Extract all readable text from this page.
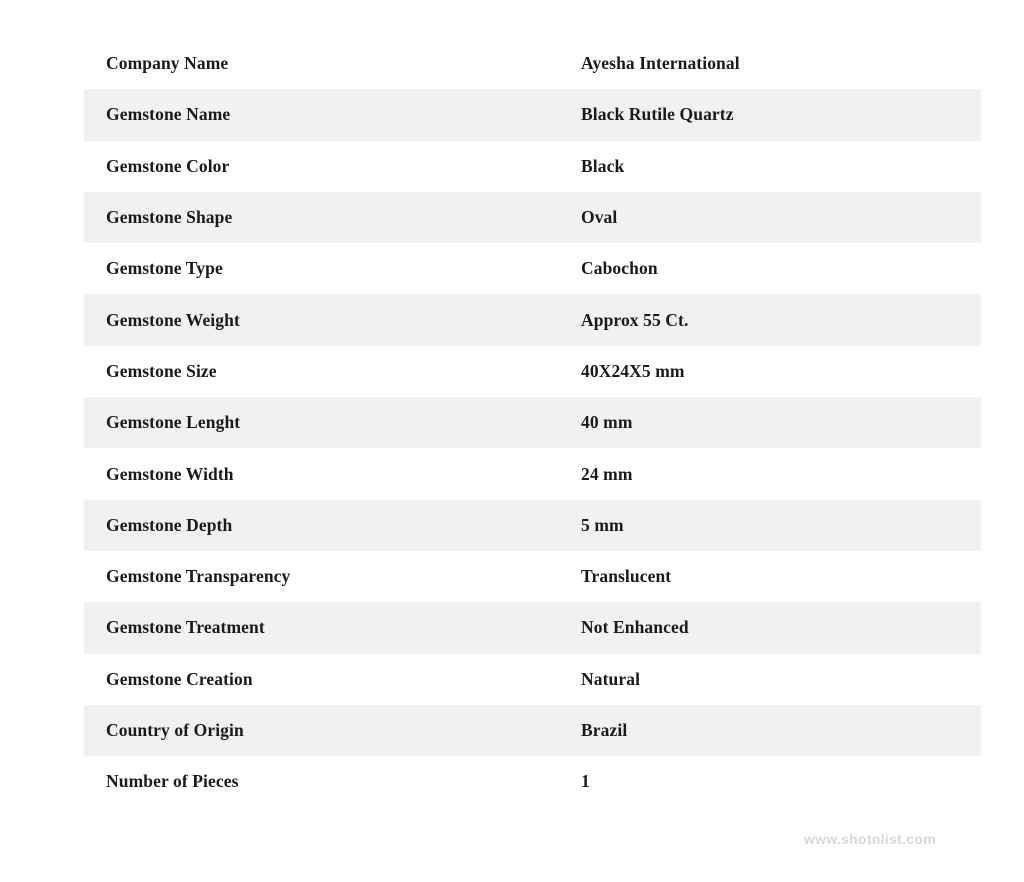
Company Name	Ayesha International
Gemstone Name	Black Rutile Quartz
Gemstone Color	Black
Gemstone Shape	Oval
Gemstone Type	Cabochon
Gemstone Weight	Approx 55 Ct.
Gemstone Size	40X24X5 mm
Gemstone Lenght	40 mm
Gemstone Width	24 mm
Gemstone Depth	5 mm
Gemstone Transparency	Translucent
Gemstone Treatment	Not Enhanced
Gemstone Creation	Natural
Country of Origin	Brazil
Number of Pieces	1
www.shotnlist.com
